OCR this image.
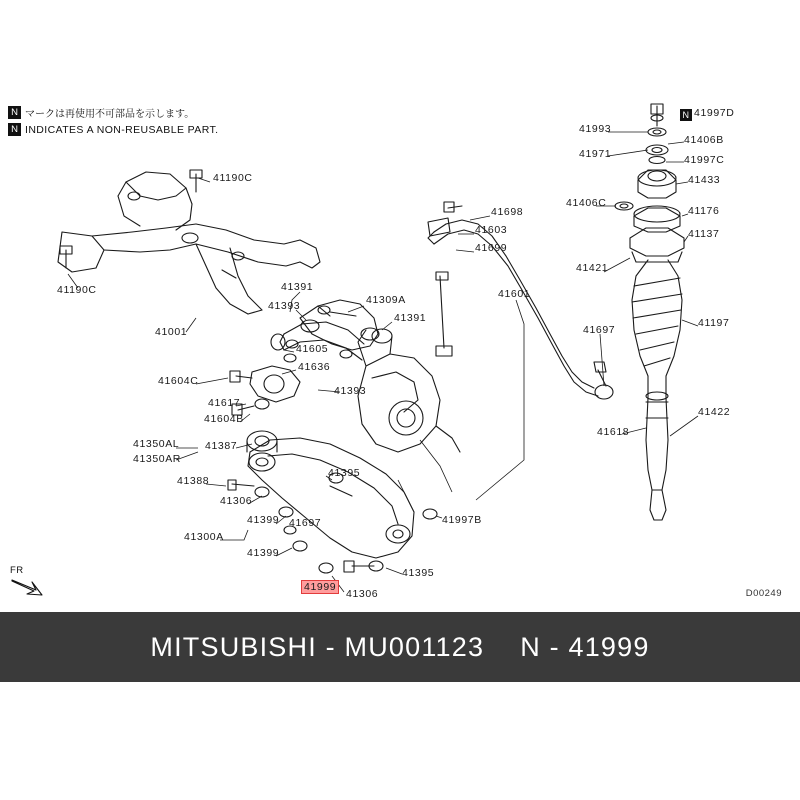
N
N マークは再使用不可部品を示します。
N INDICATES A NON-REUSABLE PART.
41190C
41190C
41001
41391
41393	41309A
41391
41605
41636
41393
41604C
41617
41604B
41350AL
41350AR
41387
41388
41306
41399 41697
41300A
41399
41395
41395
41306
41997B
41698
41603
41699
41601
41697
41993
41971
41406C
41421
41618
41997D
41406B
41997C
41433
41176
41137
41197
41422
41999
FR
D00249
MITSUBISHI - MU001123 N - 41999
